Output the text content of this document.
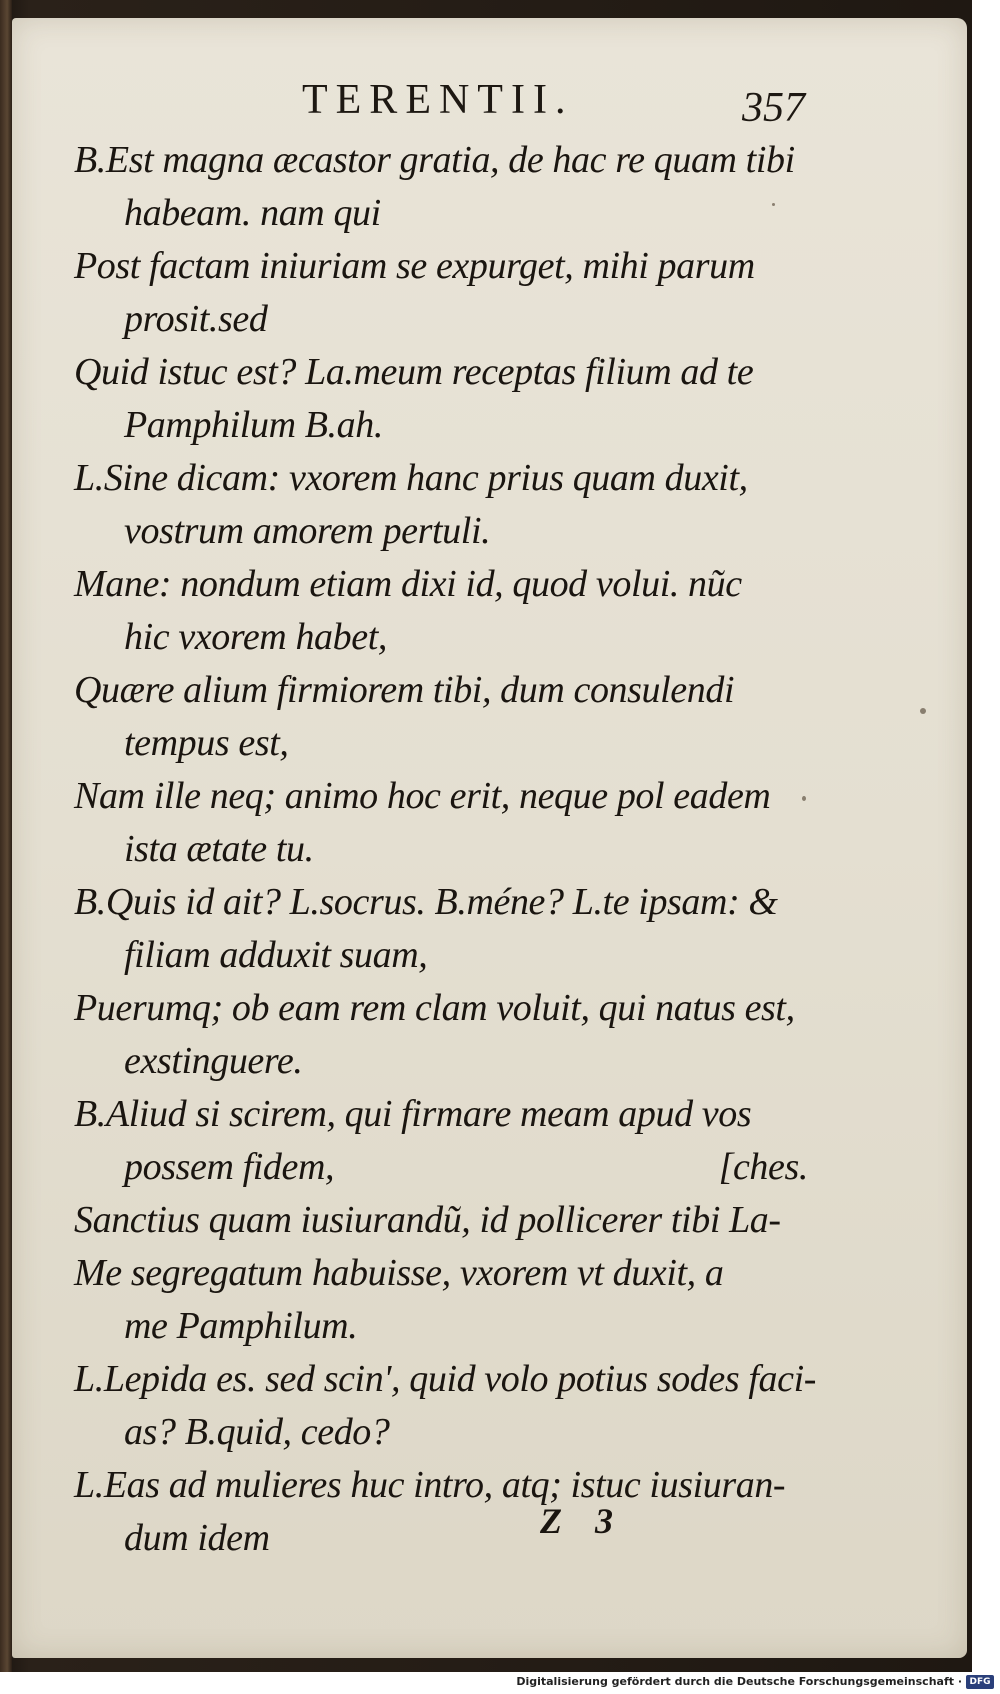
TERENTII.	357
B.Est magna æcastor gratia, de hac re quam tibi
habeam. nam qui
Post factam iniuriam se expurget, mihi parum
prosit.sed
Quid istuc est? La.meum receptas filium ad te
Pamphilum B.ah.
L.Sine dicam: vxorem hanc prius quam duxit,
vostrum amorem pertuli.
Mane: nondum etiam dixi id, quod volui. nũc
hic vxorem habet,
Quære alium firmiorem tibi, dum consulendi
tempus est,
Nam ille neq; animo hoc erit, neque pol eadem
ista ætate tu.
B.Quis id ait? L.socrus. B.méne? L.te ipsam: &
filiam adduxit suam,
Puerumq; ob eam rem clam voluit, qui natus est,
exstinguere.
B.Aliud si scirem, qui firmare meam apud vos
possem fidem,	[ches.
Sanctius quam iusiurandũ, id pollicerer tibi La-
Me segregatum habuisse, vxorem vt duxit, a
me Pamphilum.
L.Lepida es. sed scin', quid volo potius sodes faci-
as? B.quid, cedo?
L.Eas ad mulieres huc intro, atq; istuc iusiuran-
dum idem	Z 3
Digitalisierung gefördert durch die Deutsche Forschungsgemeinschaft · DFG
